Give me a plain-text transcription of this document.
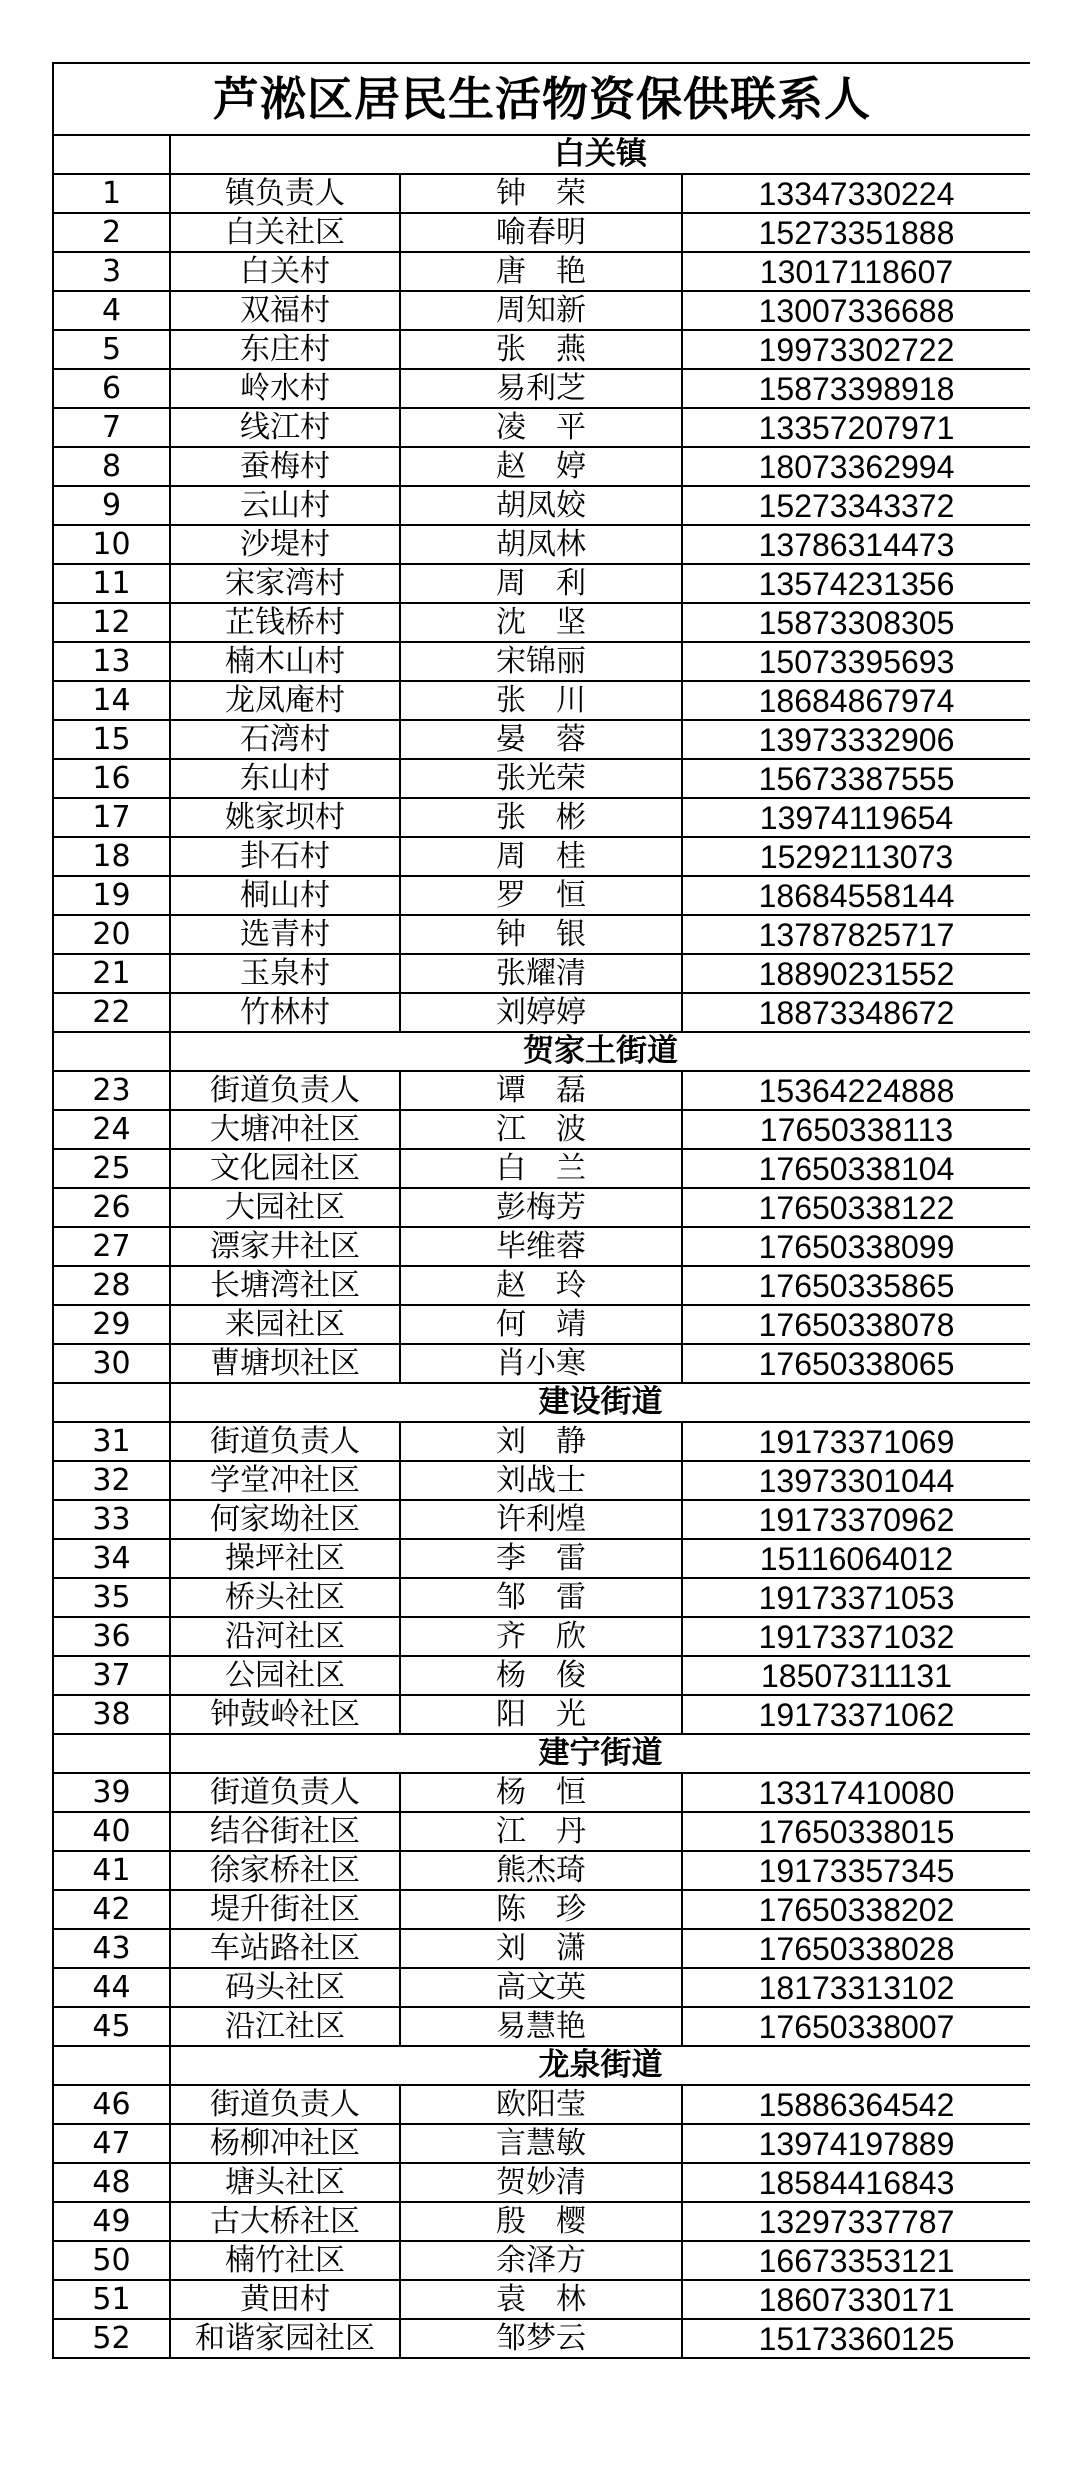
芦淞区居民生活物资保供联系人			
	白关镇		
1	镇负责人	钟　荣	13347330224
2	白关社区	喻春明	15273351888
3	白关村	唐　艳	13017118607
4	双福村	周知新	13007336688
5	东庄村	张　燕	19973302722
6	岭水村	易利芝	15873398918
7	线江村	凌　平	13357207971
8	蚕梅村	赵　婷	18073362994
9	云山村	胡凤姣	15273343372
10	沙堤村	胡凤林	13786314473
11	宋家湾村	周　利	13574231356
12	芷钱桥村	沈　坚	15873308305
13	楠木山村	宋锦丽	15073395693
14	龙凤庵村	张　川	18684867974
15	石湾村	晏　蓉	13973332906
16	东山村	张光荣	15673387555
17	姚家坝村	张　彬	13974119654
18	卦石村	周　桂	15292113073
19	桐山村	罗　恒	18684558144
20	选青村	钟　银	13787825717
21	玉泉村	张耀清	18890231552
22	竹林村	刘婷婷	18873348672
	贺家土街道		
23	街道负责人	谭　磊	15364224888
24	大塘冲社区	江　波	17650338113
25	文化园社区	白　兰	17650338104
26	大园社区	彭梅芳	17650338122
27	漂家井社区	毕维蓉	17650338099
28	长塘湾社区	赵　玲	17650335865
29	来园社区	何　靖	17650338078
30	曹塘坝社区	肖小寒	17650338065
	建设街道		
31	街道负责人	刘　静	19173371069
32	学堂冲社区	刘战士	13973301044
33	何家坳社区	许利煌	19173370962
34	操坪社区	李　雷	15116064012
35	桥头社区	邹　雷	19173371053
36	沿河社区	齐　欣	19173371032
37	公园社区	杨　俊	18507311131
38	钟鼓岭社区	阳　光	19173371062
	建宁街道		
39	街道负责人	杨　恒	13317410080
40	结谷街社区	江　丹	17650338015
41	徐家桥社区	熊杰琦	19173357345
42	堤升街社区	陈　珍	17650338202
43	车站路社区	刘　潇	17650338028
44	码头社区	高文英	18173313102
45	沿江社区	易慧艳	17650338007
	龙泉街道		
46	街道负责人	欧阳莹	15886364542
47	杨柳冲社区	言慧敏	13974197889
48	塘头社区	贺妙清	18584416843
49	古大桥社区	殷　樱	13297337787
50	楠竹社区	余泽方	16673353121
51	黄田村	袁　林	18607330171
52	和谐家园社区	邹梦云	15173360125
